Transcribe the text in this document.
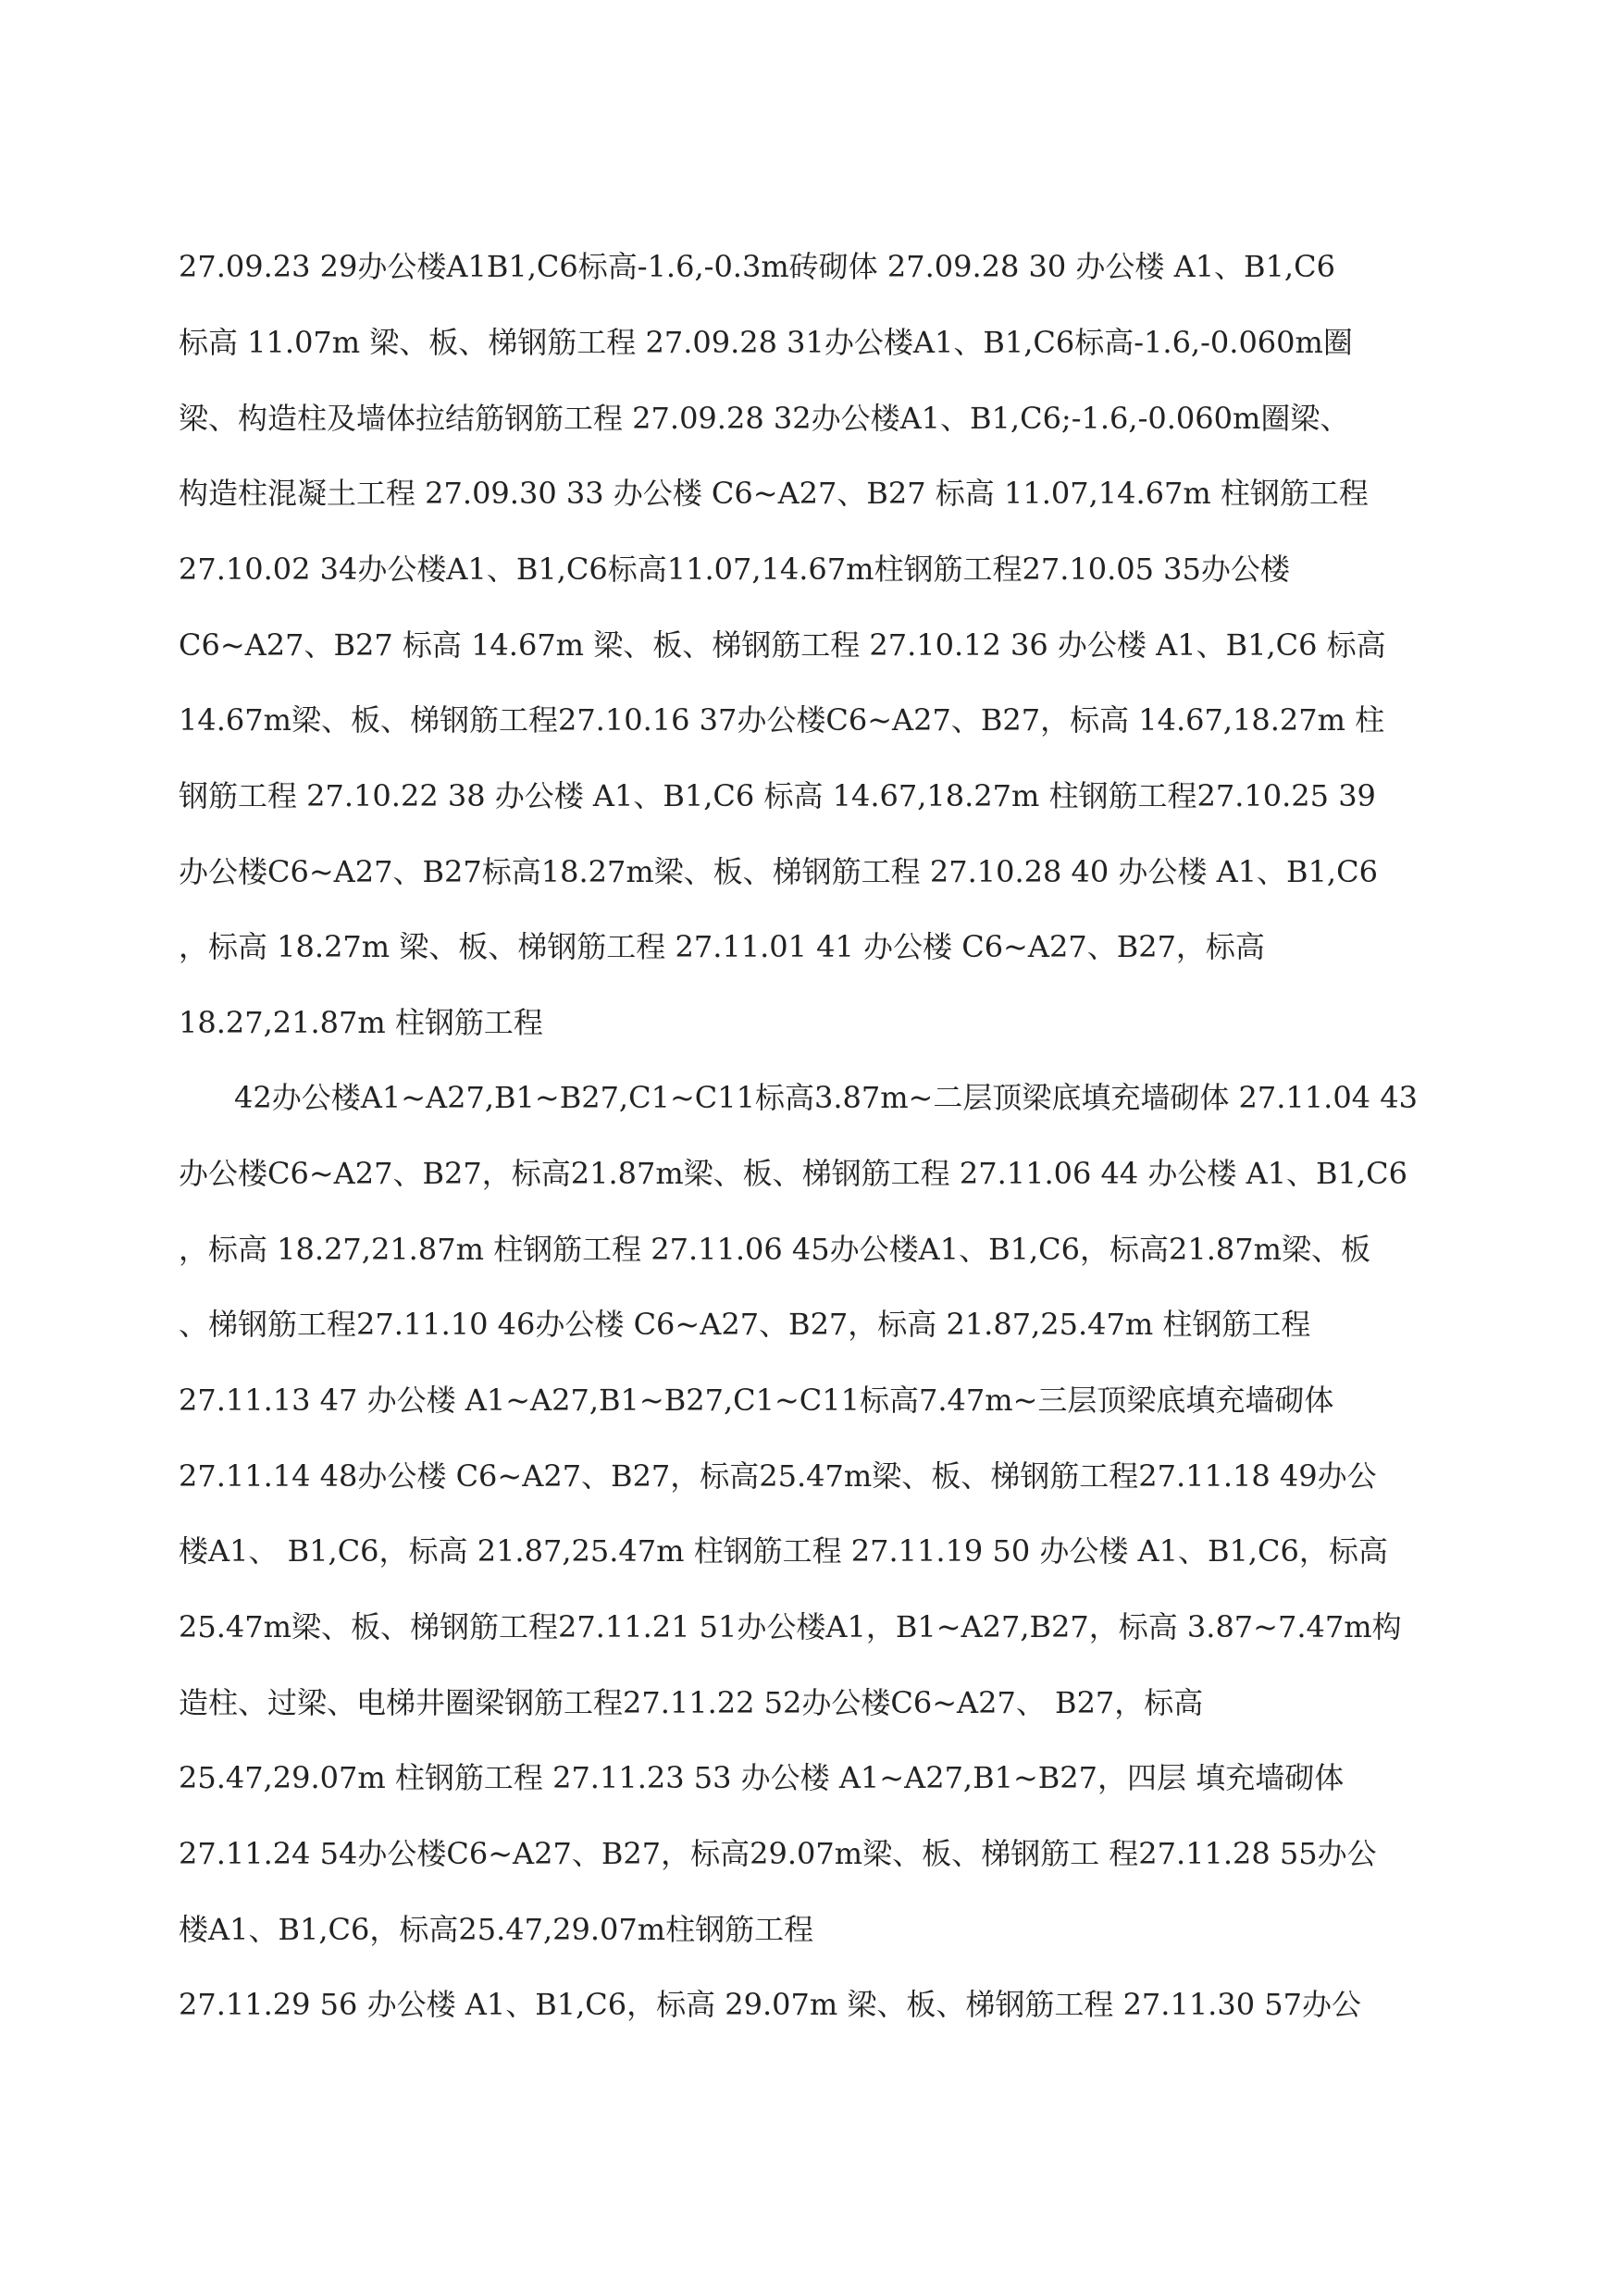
27.09.23 29办公楼A1B1,C6标高-1.6,-0.3m砖砌体 27.09.28 30 办公楼 A1、B1,C6
标高 11.07m 梁、板、梯钢筋工程 27.09.28 31办公楼A1、B1,C6标高-1.6,-0.060m圈
梁、构造柱及墙体拉结筋钢筋工程 27.09.28 32办公楼A1、B1,C6;-1.6,-0.060m圈梁、
构造柱混凝土工程 27.09.30 33 办公楼 C6~A27、B27 标高 11.07,14.67m 柱钢筋工程
27.10.02 34办公楼A1、B1,C6标高11.07,14.67m柱钢筋工程27.10.05 35办公楼
C6~A27、B27 标高 14.67m 梁、板、梯钢筋工程 27.10.12 36 办公楼 A1、B1,C6 标高
14.67m梁、板、梯钢筋工程27.10.16 37办公楼C6~A27、B27，标高 14.67,18.27m 柱
钢筋工程 27.10.22 38 办公楼 A1、B1,C6 标高 14.67,18.27m 柱钢筋工程27.10.25 39
办公楼C6~A27、B27标高18.27m梁、板、梯钢筋工程 27.10.28 40 办公楼 A1、B1,C6
，标高 18.27m 梁、板、梯钢筋工程 27.11.01 41 办公楼 C6~A27、B27，标高
18.27,21.87m 柱钢筋工程
42办公楼A1~A27,B1~B27,C1~C11标高3.87m~二层顶梁底填充墙砌体 27.11.04 43
办公楼C6~A27、B27，标高21.87m梁、板、梯钢筋工程 27.11.06 44 办公楼 A1、B1,C6
，标高 18.27,21.87m 柱钢筋工程 27.11.06 45办公楼A1、B1,C6，标高21.87m梁、板
、梯钢筋工程27.11.10 46办公楼 C6~A27、B27，标高 21.87,25.47m 柱钢筋工程
27.11.13 47 办公楼 A1~A27,B1~B27,C1~C11标高7.47m~三层顶梁底填充墙砌体
27.11.14 48办公楼 C6~A27、B27，标高25.47m梁、板、梯钢筋工程27.11.18 49办公
楼A1、 B1,C6，标高 21.87,25.47m 柱钢筋工程 27.11.19 50 办公楼 A1、B1,C6，标高
25.47m梁、板、梯钢筋工程27.11.21 51办公楼A1，B1~A27,B27，标高 3.87~7.47m构
造柱、过梁、电梯井圈梁钢筋工程27.11.22 52办公楼C6~A27、 B27，标高
25.47,29.07m 柱钢筋工程 27.11.23 53 办公楼 A1~A27,B1~B27，四层 填充墙砌体
27.11.24 54办公楼C6~A27、B27，标高29.07m梁、板、梯钢筋工 程27.11.28 55办公
楼A1、B1,C6，标高25.47,29.07m柱钢筋工程
27.11.29 56 办公楼 A1、B1,C6，标高 29.07m 梁、板、梯钢筋工程 27.11.30 57办公
